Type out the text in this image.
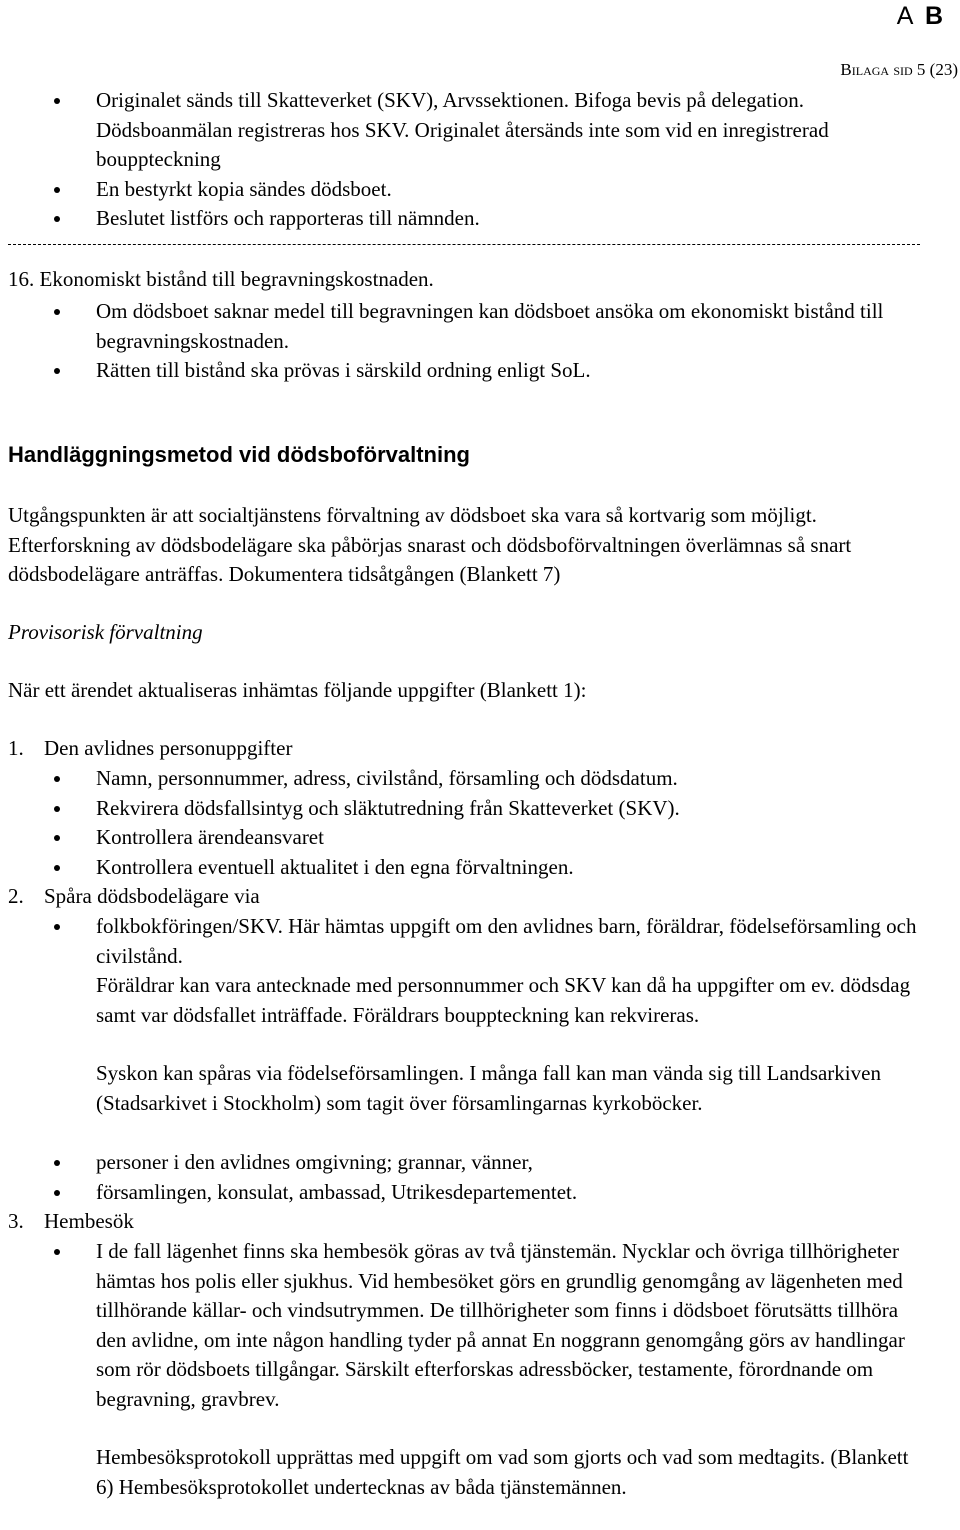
A B
Bilaga sid 5 (23)
Originalet sänds till Skatteverket (SKV), Arvssektionen. Bifoga bevis på delegation. Dödsboanmälan registreras hos SKV. Originalet återsänds inte som vid en inregistrerad bouppteckning
En bestyrkt kopia sändes dödsboet.
Beslutet listförs och rapporteras till nämnden.
16. Ekonomiskt bistånd till begravningskostnaden.
Om dödsboet saknar medel till begravningen kan dödsboet ansöka om ekonomiskt bistånd till begravningskostnaden.
Rätten till bistånd ska prövas i särskild ordning enligt SoL.
Handläggningsmetod vid dödsboförvaltning
Utgångspunkten är att socialtjänstens förvaltning av dödsboet ska vara så kortvarig som möjligt. Efterforskning av dödsbodelägare ska påbörjas snarast och dödsboförvaltningen överlämnas så snart dödsbodelägare anträffas. Dokumentera tidsåtgången (Blankett 7)
Provisorisk förvaltning
När ett ärendet aktualiseras inhämtas följande uppgifter (Blankett 1):
1. Den avlidnes personuppgifter
Namn, personnummer, adress, civilstånd, församling och dödsdatum.
Rekvirera dödsfallsintyg och släktutredning från Skatteverket (SKV).
Kontrollera ärendeansvaret
Kontrollera eventuell aktualitet i den egna förvaltningen.
2. Spåra dödsbodelägare via
folkbokföringen/SKV. Här hämtas uppgift om den avlidnes barn, föräldrar, födelseförsamling och civilstånd.
Föräldrar kan vara antecknade med personnummer och SKV kan då ha uppgifter om ev. dödsdag samt var dödsfallet inträffade. Föräldrars bouppteckning kan rekvireras.
Syskon kan spåras via födelseförsamlingen. I många fall kan man vända sig till Landsarkiven (Stadsarkivet i Stockholm) som tagit över församlingarnas kyrkoböcker.
personer i den avlidnes omgivning; grannar, vänner,
församlingen, konsulat, ambassad, Utrikesdepartementet.
3. Hembesök
I de fall lägenhet finns ska hembesök göras av två tjänstemän. Nycklar och övriga tillhörigheter hämtas hos polis eller sjukhus. Vid hembesöket görs en grundlig genomgång av lägenheten med tillhörande källar- och vindsutrymmen. De tillhörigheter som finns i dödsboet förutsätts tillhöra den avlidne, om inte någon handling tyder på annat En noggrann genomgång görs av handlingar som rör dödsboets tillgångar. Särskilt efterforskas adressböcker, testamente, förordnande om begravning, gravbrev.
Hembesöksprotokoll upprättas med uppgift om vad som gjorts och vad som medtagits. (Blankett 6) Hembesöksprotokollet undertecknas av båda tjänstemännen.
